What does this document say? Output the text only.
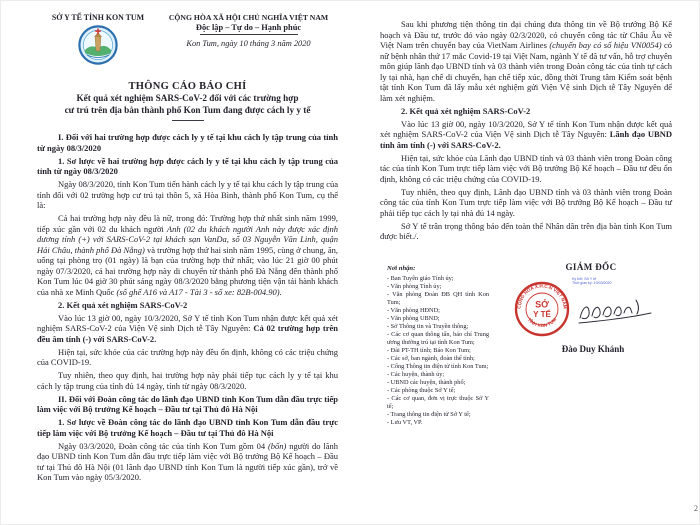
SỞ Y TẾ TỈNH KON TUM	CỘNG HÒA XÃ HỘI CHỦ NGHĨA VIỆT NAM
Độc lập – Tự do – Hạnh phúc
Kon Tum, ngày 10 tháng 3 năm 2020
THÔNG CÁO BÁO CHÍ
Kết quả xét nghiệm SARS-CoV-2 đối với các trường hợp
cư trú trên địa bàn thành phố Kon Tum đang được cách ly y tế

I. Đối với hai trường hợp được cách ly y tế tại khu cách ly tập trung của tỉnh từ ngày 08/3/2020

1. Sơ lược về hai trường hợp được cách ly y tế tại khu cách ly tập trung của tỉnh từ ngày 08/3/2020

Ngày 08/3/2020, tỉnh Kon Tum tiến hành cách ly y tế tại khu cách ly tập trung của tỉnh đối với 02 trường hợp cư trú tại thôn 5, xã Hòa Bình, thành phố Kon Tum, cụ thể là:

Cả hai trường hợp này đều là nữ, trong đó: Trường hợp thứ nhất sinh năm 1999, tiếp xúc gần với 02 du khách người Anh (02 du khách người Anh này được xác định dương tính (+) với SARS-CoV-2 tại khách sạn VanDa, số 03 Nguyễn Văn Linh, quận Hải Châu, thành phố Đà Nẵng) và trường hợp thứ hai sinh năm 1995, cùng ở chung, ăn, uống tại phòng trọ (01 ngày) là bạn của trường hợp thứ nhất; vào lúc 21 giờ 00 phút ngày 07/3/2020, cả hai trường hợp này di chuyển từ thành phố Đà Nẵng đến thành phố Kon Tum lúc 04 giờ 30 phút sáng ngày 08/3/2020 bằng phương tiện vận tải hành khách của nhà xe Minh Quốc (số ghế A16 và A17 - Tài 3 - số xe: 82B-004.90).

2. Kết quả xét nghiệm SARS-CoV-2

Vào lúc 13 giờ 00, ngày 10/3/2020, Sở Y tế tỉnh Kon Tum nhận được kết quả xét nghiệm SARS-CoV-2 của Viện Vệ sinh Dịch tễ Tây Nguyên: Cả 02 trường hợp trên đều âm tính (-) với SARS-CoV-2.

Hiện tại, sức khỏe của các trường hợp này đều ổn định, không có các triệu chứng của COVID-19.

Tuy nhiên, theo quy định, hai trường hợp này phải tiếp tục cách ly y tế tại khu cách ly tập trung của tỉnh đủ 14 ngày, tính từ ngày 08/3/2020.

II. Đối với Đoàn công tác do lãnh đạo UBND tỉnh Kon Tum dẫn đầu trực tiếp làm việc với Bộ trưởng Kế hoạch – Đầu tư tại Thủ đô Hà Nội

1. Sơ lược về Đoàn công tác do lãnh đạo UBND tỉnh Kon Tum dẫn đầu trực tiếp làm việc với Bộ trưởng Kế hoạch – Đầu tư tại Thủ đô Hà Nội

Ngày 03/3/2020, Đoàn công tác của tỉnh Kon Tum gồm 04 (bốn) người do lãnh đạo UBND tỉnh Kon Tum dẫn đầu trực tiếp làm việc với Bộ trưởng Bộ Kế hoạch – Đầu tư tại Thủ đô Hà Nội (01 lãnh đạo UBND tỉnh Kon Tum là người tiếp xúc gần), trở về Kon Tum vào ngày 05/3/2020.

Sau khi phương tiện thông tin đại chúng đưa thông tin về Bộ trưởng Bộ Kế hoạch và Đầu tư, trước đó vào ngày 02/3/2020, có chuyến công tác từ Châu Âu về Việt Nam trên chuyến bay của VietNam Airlines (chuyến bay có số hiệu VN0054) có nữ bệnh nhân thứ 17 mắc Covid-19 tại Việt Nam, ngành Y tế đã tư vấn, hỗ trợ chuyên môn giúp lãnh đạo UBND tỉnh và 03 thành viên trong Đoàn công tác của tỉnh tự cách ly tại nhà, hạn chế di chuyển, hạn chế tiếp xúc, đồng thời Trung tâm Kiểm soát bệnh tật tỉnh Kon Tum đã lấy mẫu xét nghiệm gửi Viện Vệ sinh Dịch tễ Tây Nguyên để làm xét nghiệm.

2. Kết quả xét nghiệm SARS-CoV-2

Vào lúc 13 giờ 00, ngày 10/3/2020, Sở Y tế tỉnh Kon Tum nhận được kết quả xét nghiệm SARS-CoV-2 của Viện Vệ sinh Dịch tễ Tây Nguyên: Lãnh đạo UBND tỉnh âm tính (-) với SARS-CoV-2.

Hiện tại, sức khỏe của Lãnh đạo UBND tỉnh và 03 thành viên trong Đoàn công tác của tỉnh Kon Tum trực tiếp làm việc với Bộ trưởng Bộ Kế hoạch – Đầu tư đều ổn định, không có các triệu chứng của COVID-19.

Tuy nhiên, theo quy định, Lãnh đạo UBND tỉnh và 03 thành viên trong Đoàn công tác của tỉnh Kon Tum trực tiếp làm việc với Bộ trưởng Bộ Kế hoạch – Đầu tư phải tiếp tục cách ly tại nhà đủ 14 ngày.

Sở Y tế trân trọng thông báo đến toàn thể Nhân dân trên địa bàn tỉnh Kon Tum được biết./.

Nơi nhận:
- Ban Tuyên giáo Tỉnh ủy;
- Văn phòng Tỉnh ủy;
- Văn phòng Đoàn ĐB QH tỉnh Kon Tum;
- Văn phòng HĐND;
- Văn phòng UBND;
- Sở Thông tin và Truyền thông;
- Các cơ quan thông tấn, báo chí Trung ương thường trú tại tỉnh Kon Tum;
- Đài PT-TH tỉnh; Báo Kon Tum;
- Các sở, ban ngành, đoàn thể tỉnh;
- Cổng Thông tin điện tử tỉnh Kon Tum;
- Các huyện, thành ủy;
- UBND các huyện, thành phố;
- Các phòng thuộc Sở Y tế;
- Các cơ quan, đơn vị trực thuộc Sở Y tế;
- Trang thông tin điện tử Sở Y tế;
- Lưu VT, VP.
GIÁM ĐỐC
CỘNG HÒA X.H.C.N VIỆT NAM
TỈNH KON TUM
SỞ
Y TẾ
Ký bởi: Sở Y tế
Thời gian ký: 10/03/2020
Đào Duy Khánh
2
